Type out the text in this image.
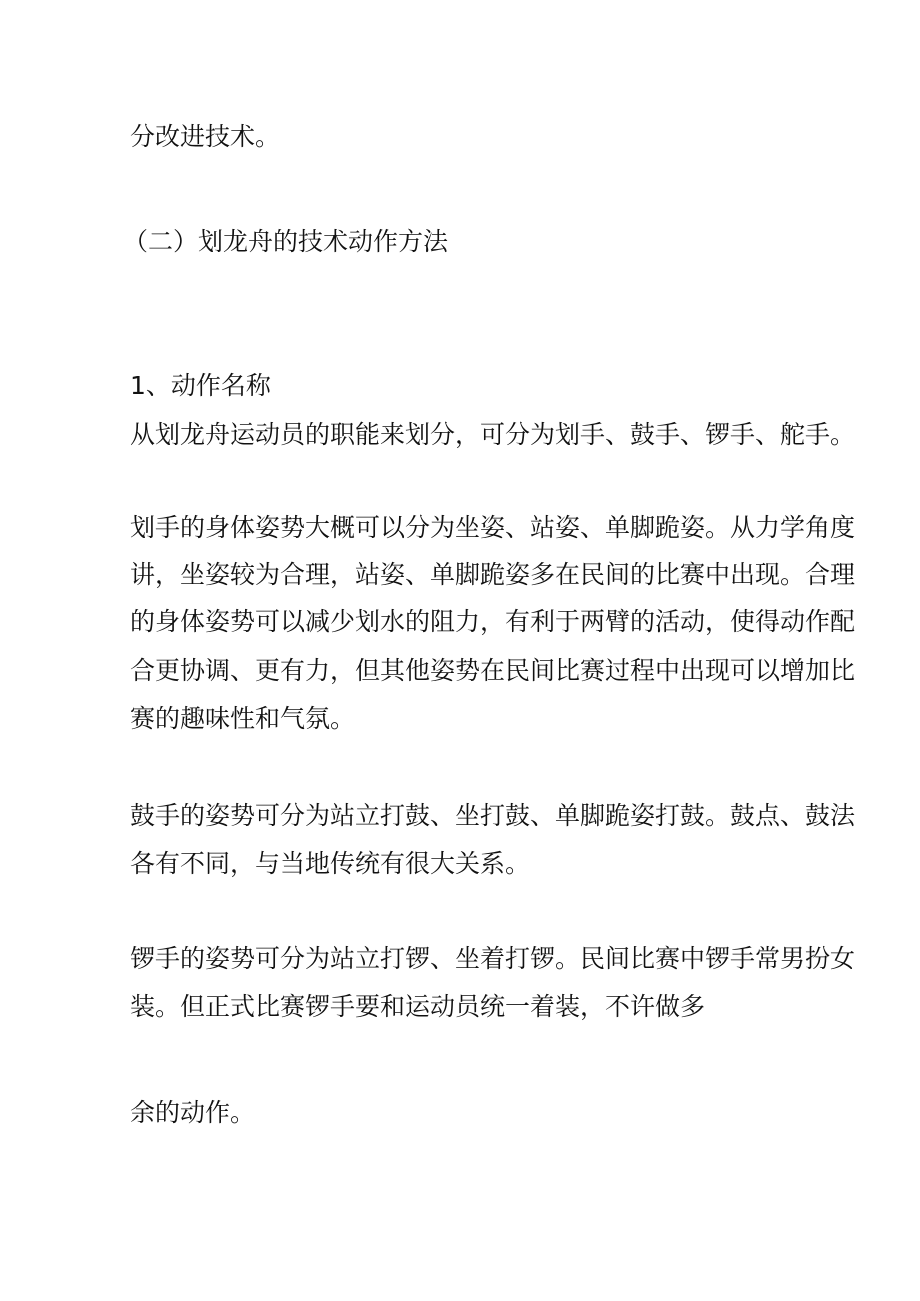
分改进技术。

（二）划龙舟的技术动作方法

1、动作名称

从划龙舟运动员的职能来划分，可分为划手、鼓手、锣手、舵手。

划手的身体姿势大概可以分为坐姿、站姿、单脚跪姿。从力学角度

讲，坐姿较为合理，站姿、单脚跪姿多在民间的比赛中出现。合理

的身体姿势可以减少划水的阻力，有利于两臂的活动，使得动作配

合更协调、更有力，但其他姿势在民间比赛过程中出现可以增加比

赛的趣味性和气氛。

鼓手的姿势可分为站立打鼓、坐打鼓、单脚跪姿打鼓。鼓点、鼓法

各有不同，与当地传统有很大关系。

锣手的姿势可分为站立打锣、坐着打锣。民间比赛中锣手常男扮女

装。但正式比赛锣手要和运动员统一着装，不许做多

余的动作。
